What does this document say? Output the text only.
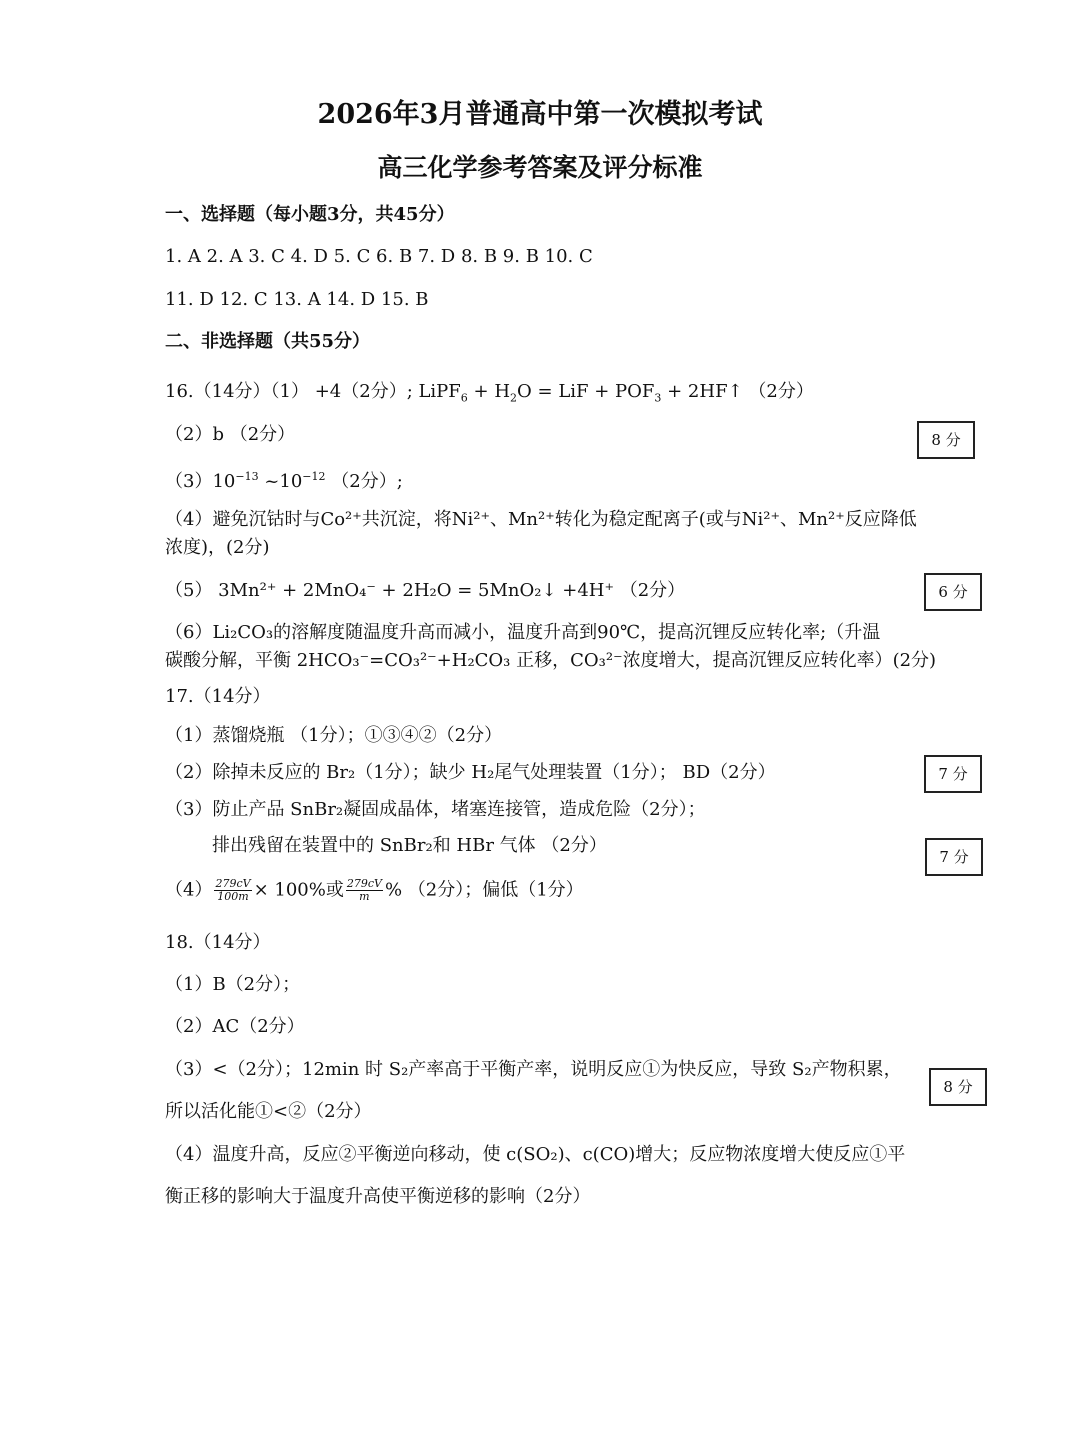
2026年3月普通高中第一次模拟考试
高三化学参考答案及评分标准
一、选择题（每小题3分，共45分）
1. A 2. A 3. C 4. D 5. C 6. B 7. D 8. B 9. B 10. C
11. D 12. C 13. A 14. D 15. B
二、非选择题（共55分）
16.（14分）（1） +4（2分）; LiPF$_6$ + $H_2O$ = LiF + $POF_3$ + 2HF↑ （2分）
（2）b （2分）
$(3)10^{-13}$ $\sim 10^{-12}$ （2分）;
（4）避免沉钴时与Co²⁺共沉淀，将Ni²⁺、Mn²⁺转化为稳定配离子(或与Ni²⁺、Mn²⁺反应降低
浓度)，(2分)
（5） 3Mn²⁺ + 2MnO₄⁻ + 2H₂O = 5MnO₂↓ +4H⁺ （2分）
（6）Li₂CO₃的溶解度随温度升高而减小，温度升高到90℃，提高沉锂反应转化率;（升温
碳酸分解，平衡 2HCO₃⁻=CO₃²⁻+H₂CO₃ 正移，CO₃²⁻浓度增大，提高沉锂反应转化率）(2分)
17.（14分）
（1）蒸馏烧瓶 （1分）；①③④②（2分）
（2）除掉未反应的 Br₂（1分）；缺少 H₂尾气处理装置（1分）； BD（2分）
（3）防止产品 SnBr₂凝固成晶体，堵塞连接管，造成危险（2分）；
排出残留在装置中的 SnBr₂和 HBr 气体 （2分）
$(4) \frac{279cV}{100m} \times 100\%$或 $\frac{279cV}{m}$ % （2分）；偏低（1分）
18.（14分）
（1）B（2分）；
（2）AC（2分）
（3）<（2分）；12min 时 S₂产率高于平衡产率，说明反应①为快反应，导致 S₂产物积累，
所以活化能①<②（2分）
（4）温度升高，反应②平衡逆向移动，使 c(SO₂)、c(CO)增大；反应物浓度增大使反应①平
衡正移的影响大于温度升高使平衡逆移的影响（2分）
8 分
6 分
7 分
7 分
8 分
